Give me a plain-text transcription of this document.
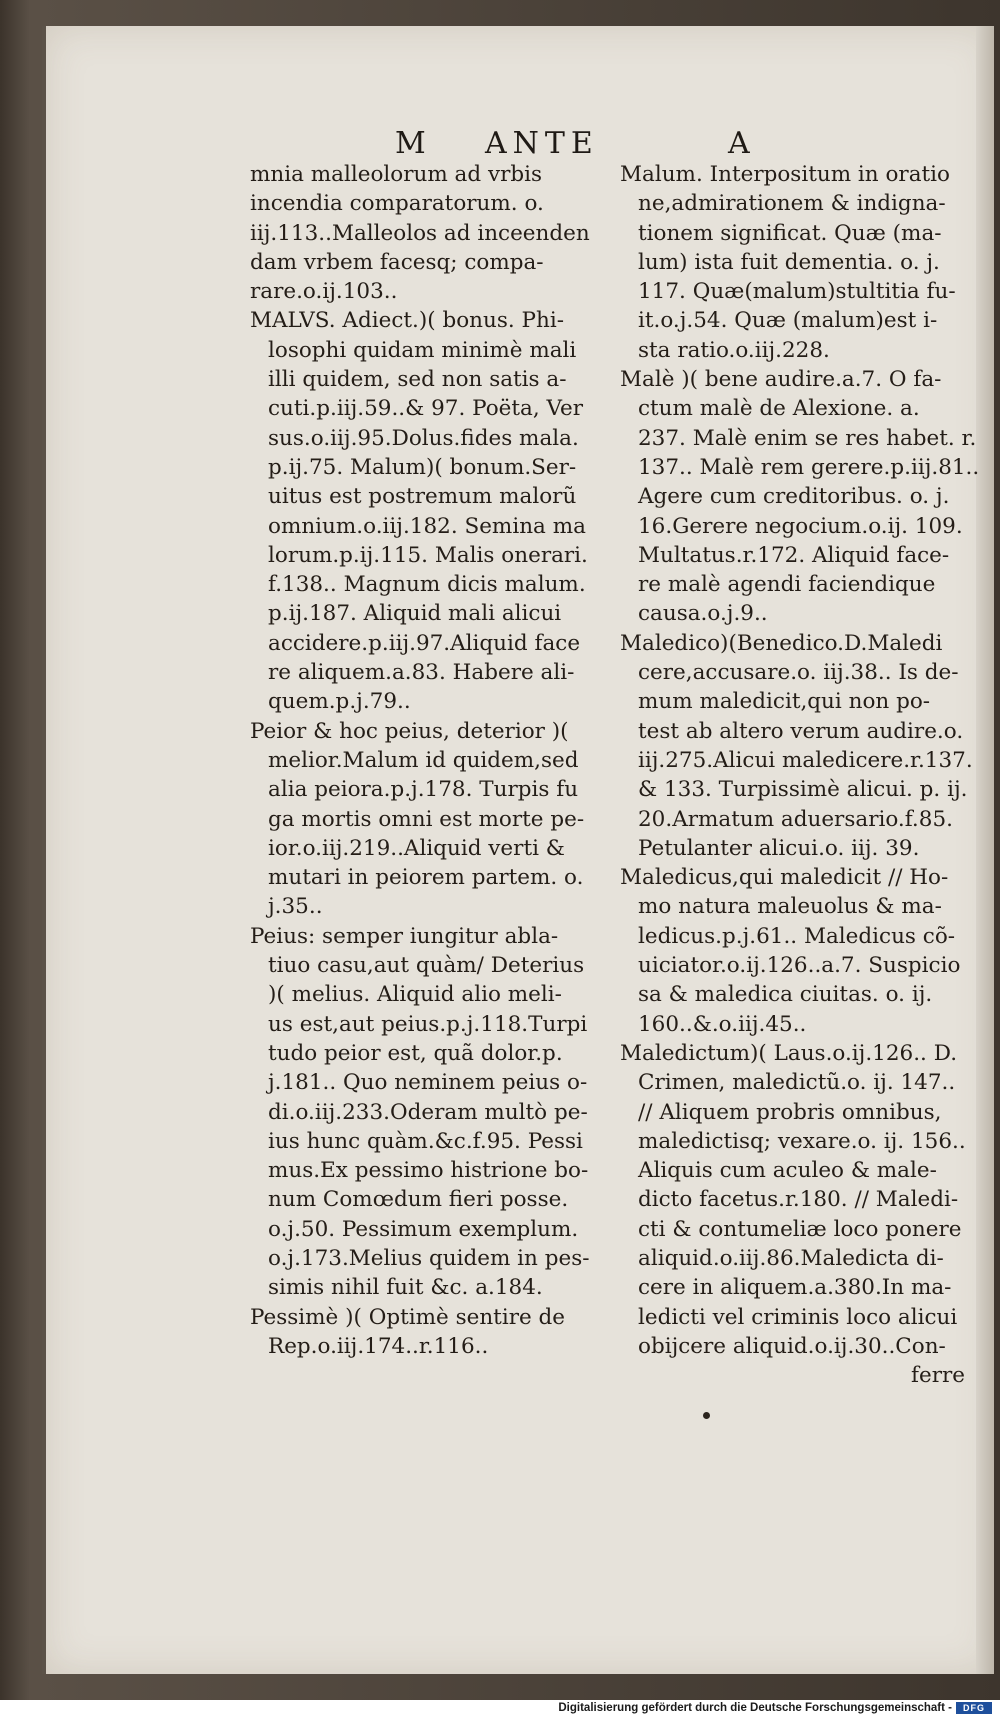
M ANTE	A
mnia malleolorum ad vrbis
incendia comparatorum. o.
iij.113..Malleolos ad inceenden
dam vrbem facesq; compa-
rare.o.ij.103..
MALVS. Adiect.)( bonus. Phi-
losophi quidam minimè mali
illi quidem, sed non satis a-
cuti.p.iij.59..& 97. Poëta, Ver
sus.o.iij.95.Dolus.fides mala.
p.ij.75. Malum)( bonum.Ser-
uitus est postremum malorũ
omnium.o.iij.182. Semina ma
lorum.p.ij.115. Malis onerari.
f.138.. Magnum dicis malum.
p.ij.187. Aliquid mali alicui
accidere.p.iij.97.Aliquid face
re aliquem.a.83. Habere ali-
quem.p.j.79..
Peior & hoc peius, deterior )(
melior.Malum id quidem,sed
alia peiora.p.j.178. Turpis fu
ga mortis omni est morte pe-
ior.o.iij.219..Aliquid verti &
mutari in peiorem partem. o.
j.35..
Peius: semper iungitur abla-
tiuo casu,aut quàm/ Deterius
)( melius. Aliquid alio meli-
us est,aut peius.p.j.118.Turpi
tudo peior est, quã dolor.p.
j.181.. Quo neminem peius o-
di.o.iij.233.Oderam multò pe-
ius hunc quàm.&c.f.95. Pessi
mus.Ex pessimo histrione bo-
num Comœdum fieri posse.
o.j.50. Pessimum exemplum.
o.j.173.Melius quidem in pes-
simis nihil fuit &c. a.184.
Pessimè )( Optimè sentire de
Rep.o.iij.174..r.116..
Malum. Interpositum in oratio
ne,admirationem & indigna-
tionem significat. Quæ (ma-
lum) ista fuit dementia. o. j.
117. Quæ(malum)stultitia fu-
it.o.j.54. Quæ (malum)est i-
sta ratio.o.iij.228.
Malè )( bene audire.a.7. O fa-
ctum malè de Alexione. a.
237. Malè enim se res habet. r.
137.. Malè rem gerere.p.iij.81..
Agere cum creditoribus. o. j.
16.Gerere negocium.o.ij. 109.
Multatus.r.172. Aliquid face-
re malè agendi faciendique
causa.o.j.9..
Maledico)(Benedico.D.Maledi
cere,accusare.o. iij.38.. Is de-
mum maledicit,qui non po-
test ab altero verum audire.o.
iij.275.Alicui maledicere.r.137.
& 133. Turpissimè alicui. p. ij.
20.Armatum aduersario.f.85.
Petulanter alicui.o. iij. 39.
Maledicus,qui maledicit // Ho-
mo natura maleuolus & ma-
ledicus.p.j.61.. Maledicus cõ-
uiciator.o.ij.126..a.7. Suspicio
sa & maledica ciuitas. o. ij.
160..&.o.iij.45..
Maledictum)( Laus.o.ij.126.. D.
Crimen, maledictũ.o. ij. 147..
// Aliquem probris omnibus,
maledictisq; vexare.o. ij. 156..
Aliquis cum aculeo & male-
dicto facetus.r.180. // Maledi-
cti & contumeliæ loco ponere
aliquid.o.iij.86.Maledicta di-
cere in aliquem.a.380.In ma-
ledicti vel criminis loco alicui
obijcere aliquid.o.ij.30..Con-
ferre
Digitalisierung gefördert durch die Deutsche Forschungsgemeinschaft -	DFG
